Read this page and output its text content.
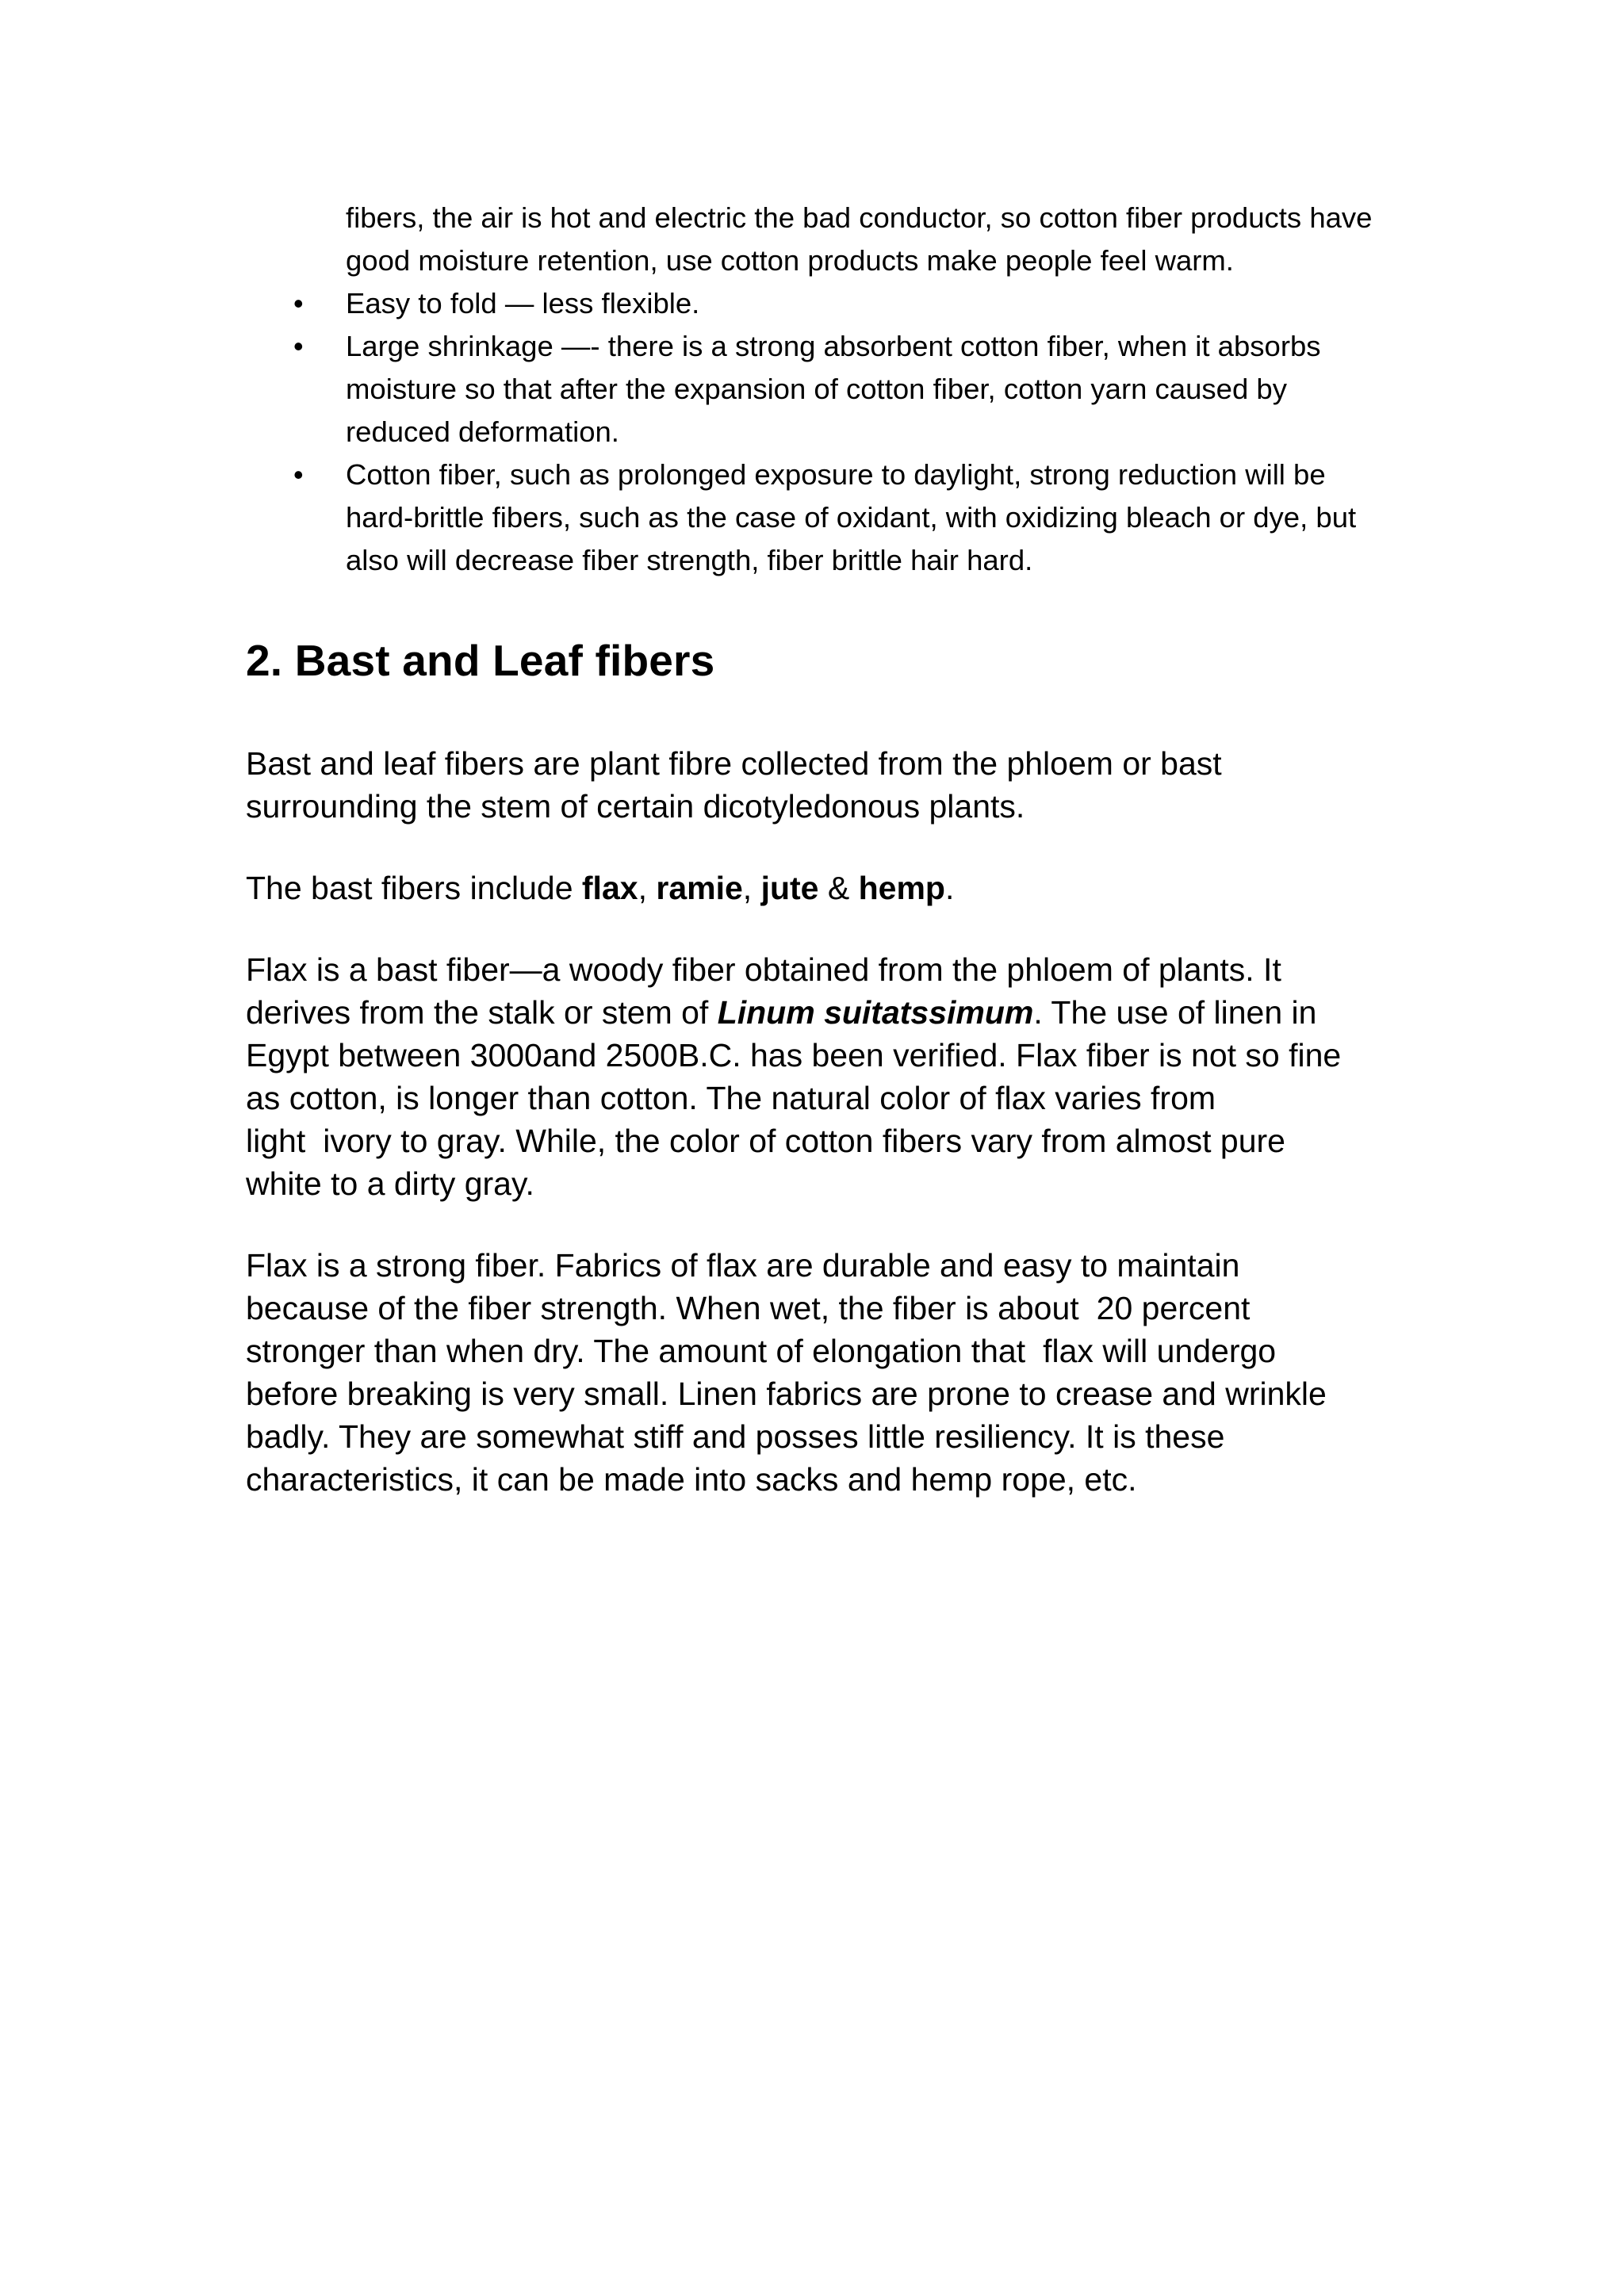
fibers, the air is hot and electric the bad conductor, so cotton fiber products have
good moisture retention, use cotton products make people feel warm.
•	Easy to fold — less flexible.
•	Large shrinkage —- there is a strong absorbent cotton fiber, when it absorbs
moisture so that after the expansion of cotton fiber, cotton yarn caused by
reduced deformation.
•	Cotton fiber, such as prolonged exposure to daylight, strong reduction will be
hard-brittle fibers, such as the case of oxidant, with oxidizing bleach or dye, but
also will decrease fiber strength, fiber brittle hair hard.
2. Bast and Leaf fibers

Bast and leaf fibers are plant fibre collected from the phloem or bast
surrounding the stem of certain dicotyledonous plants.

The bast fibers include flax, ramie, jute & hemp.

Flax is a bast fiber—a woody fiber obtained from the phloem of plants. It
derives from the stalk or stem of Linum suitatssimum. The use of linen in
Egypt between 3000and 2500B.C. has been verified. Flax fiber is not so fine
as cotton, is longer than cotton. The natural color of flax varies from
light ivory to gray. While, the color of cotton fibers vary from almost pure
white to a dirty gray.

Flax is a strong fiber. Fabrics of flax are durable and easy to maintain
because of the fiber strength. When wet, the fiber is about 20 percent
stronger than when dry. The amount of elongation that flax will undergo
before breaking is very small. Linen fabrics are prone to crease and wrinkle
badly. They are somewhat stiff and posses little resiliency. It is these
characteristics, it can be made into sacks and hemp rope, etc.
